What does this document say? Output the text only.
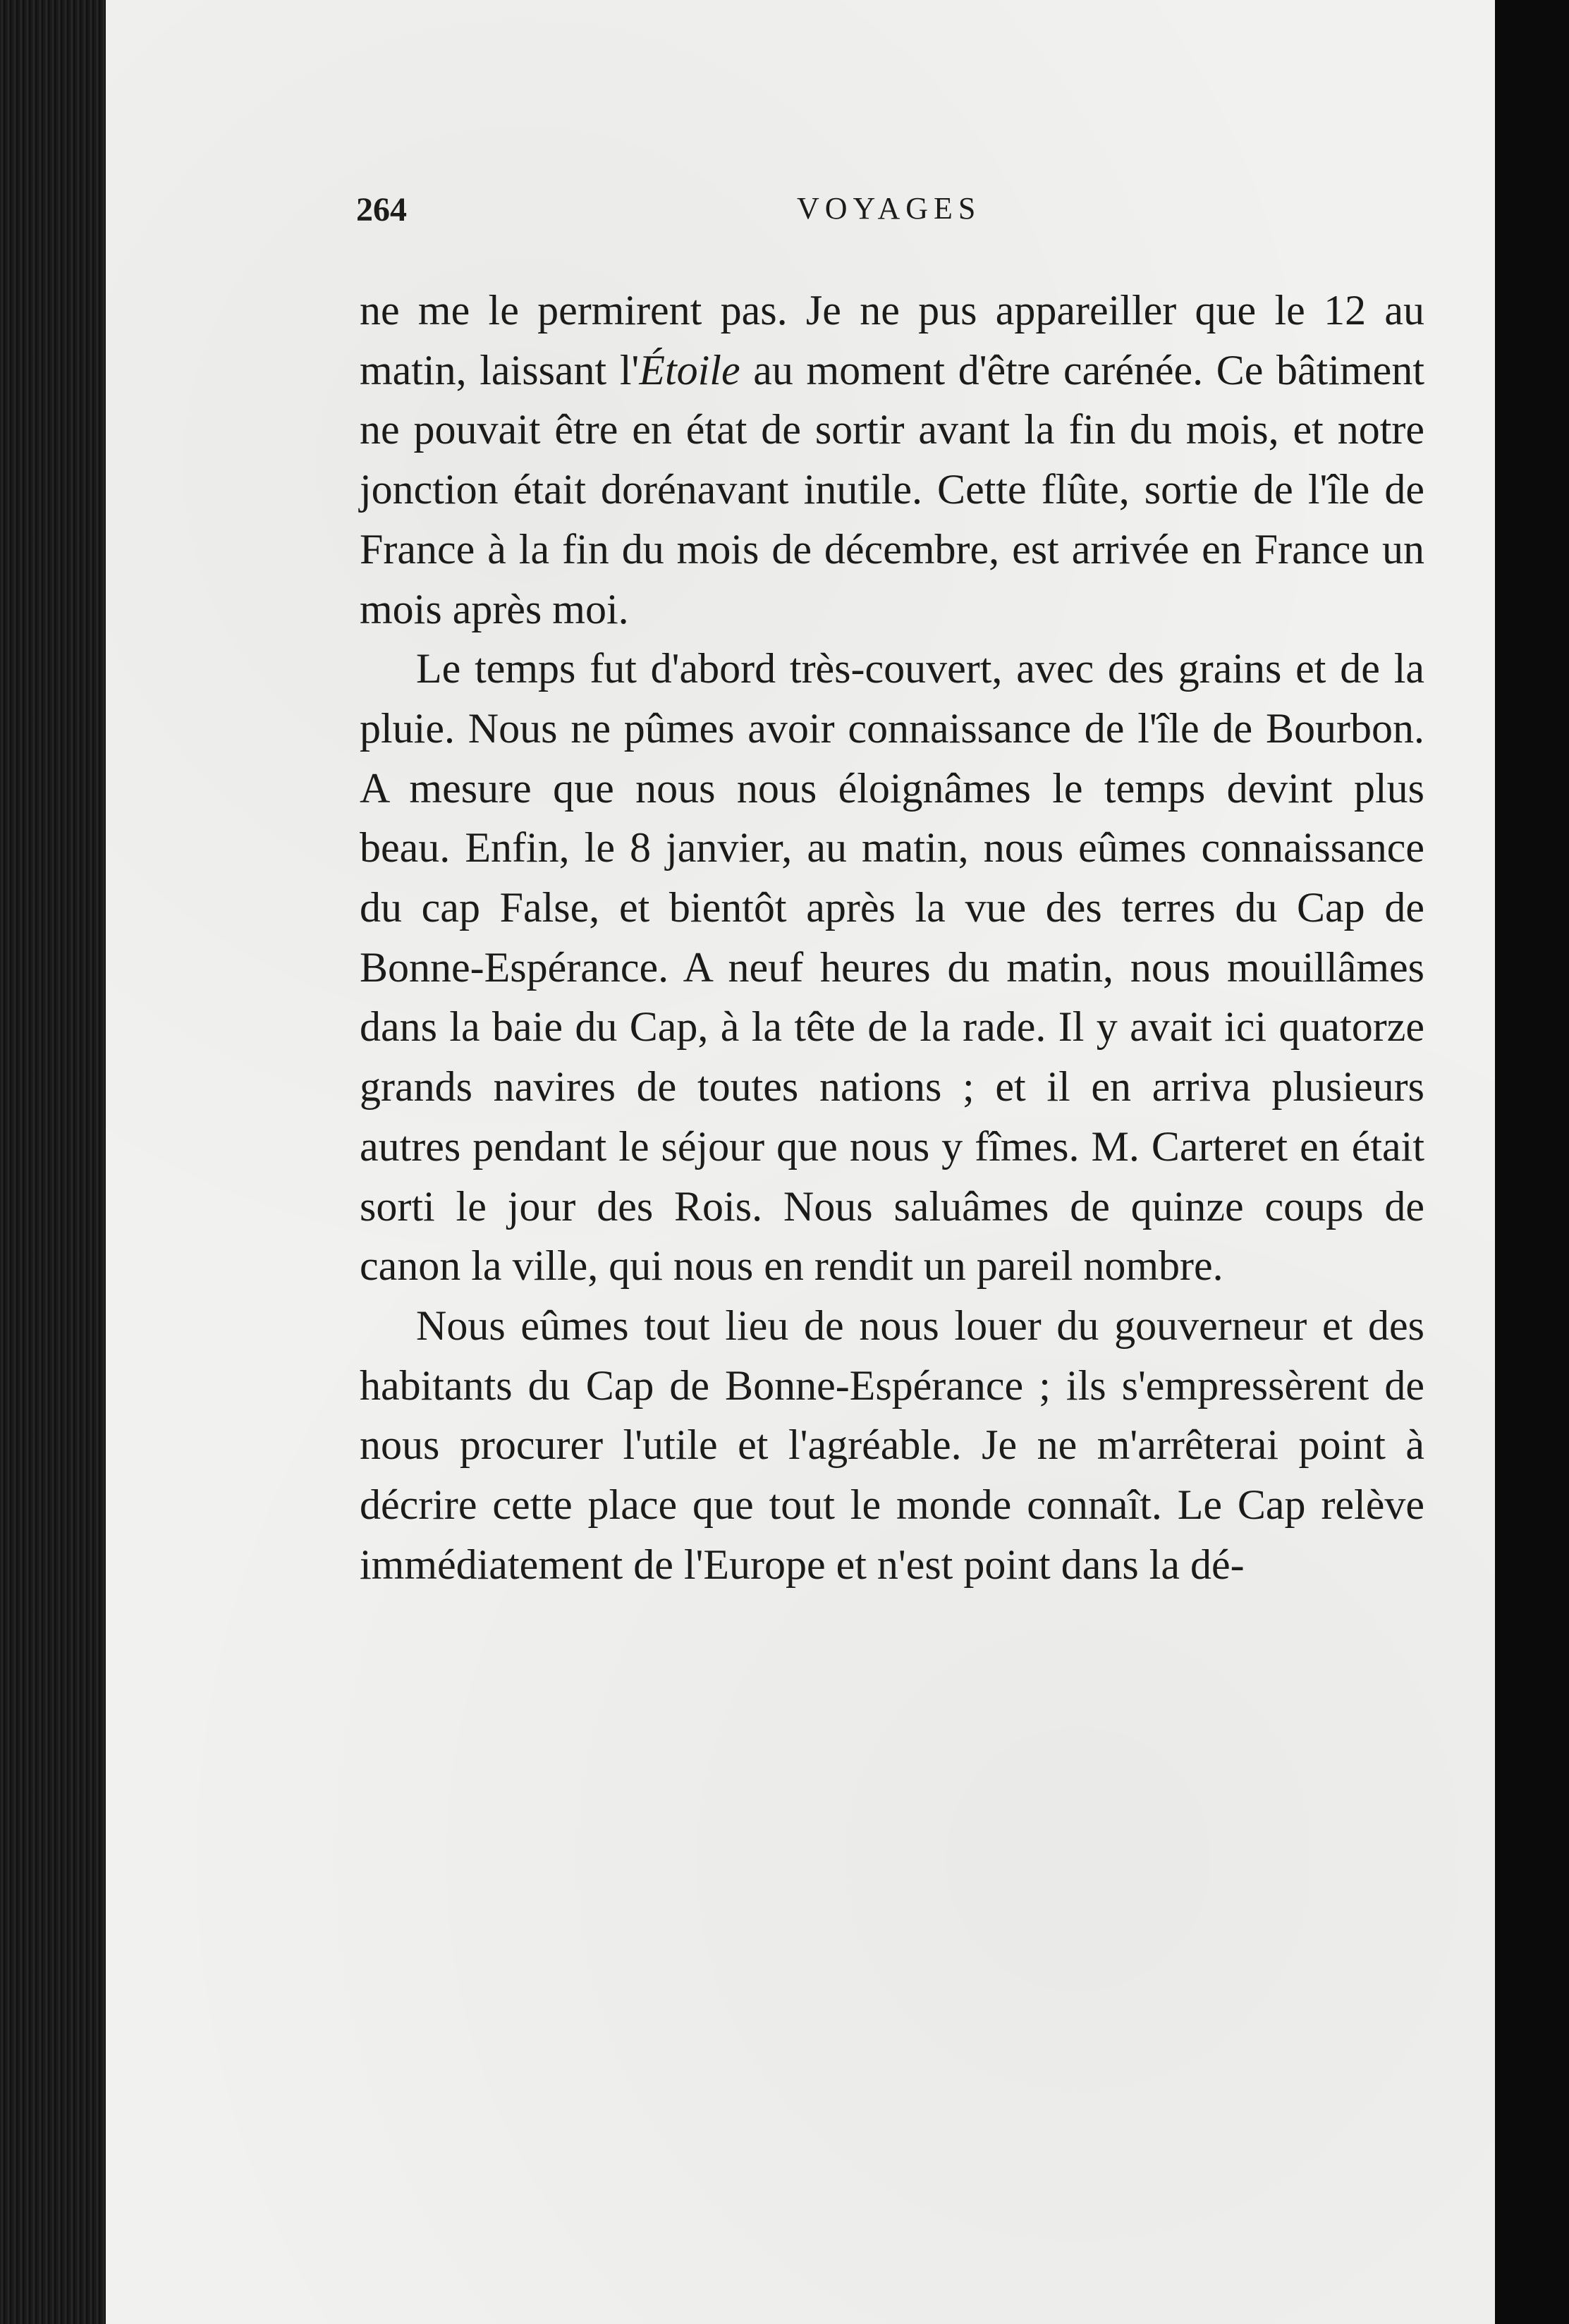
264	VOYAGES

ne me le permirent pas. Je ne pus appareiller que le 12 au matin, laissant l'Étoile au moment d'être carénée. Ce bâtiment ne pouvait être en état de sortir avant la fin du mois, et notre jonction était dorénavant inutile. Cette flûte, sortie de l'île de France à la fin du mois de décembre, est arrivée en France un mois après moi.

Le temps fut d'abord très-couvert, avec des grains et de la pluie. Nous ne pûmes avoir connaissance de l'île de Bourbon. A mesure que nous nous éloignâmes le temps devint plus beau. Enfin, le 8 janvier, au matin, nous eûmes connaissance du cap False, et bientôt après la vue des terres du Cap de Bonne-Espérance. A neuf heures du matin, nous mouillâmes dans la baie du Cap, à la tête de la rade. Il y avait ici quatorze grands navires de toutes nations ; et il en arriva plusieurs autres pendant le séjour que nous y fîmes. M. Carteret en était sorti le jour des Rois. Nous saluâmes de quinze coups de canon la ville, qui nous en rendit un pareil nombre.

Nous eûmes tout lieu de nous louer du gouverneur et des habitants du Cap de Bonne-Espérance ; ils s'empressèrent de nous procurer l'utile et l'agréable. Je ne m'arrêterai point à décrire cette place que tout le monde connaît. Le Cap relève immédiatement de l'Europe et n'est point dans la dé-
